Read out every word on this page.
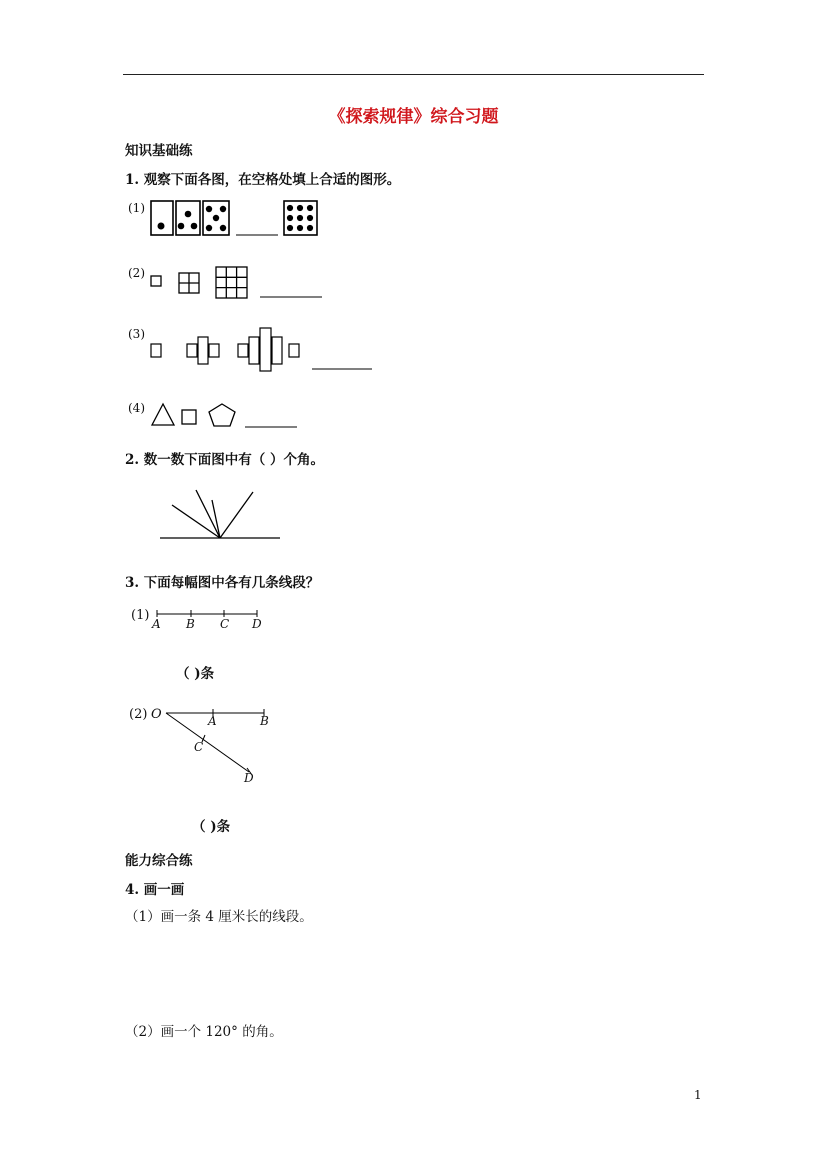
《探索规律》综合习题
知识基础练
1. 观察下面各图，在空格处填上合适的图形。
(1)
(2)
(3)
(4)
2. 数一数下面图中有（ ）个角。
3. 下面每幅图中各有几条线段？
(1)
A B C D
（ )条
(2) O	A	B
C
D
（ )条
能力综合练
4. 画一画
（1）画一条 4 厘米长的线段。
（2）画一个 120° 的角。
1
